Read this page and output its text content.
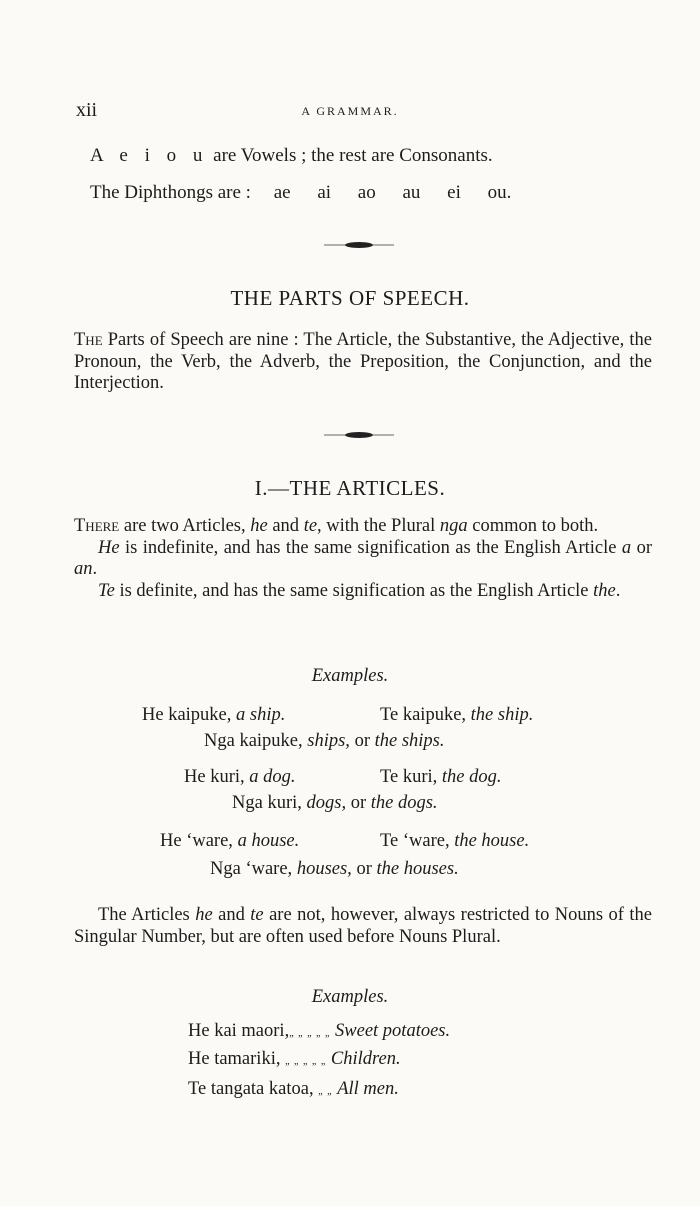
xii	A GRAMMAR.
A e i o u are Vowels ; the rest are Consonants.
The Diphthongs are : ae ai ao au ei ou.
THE PARTS OF SPEECH.
The Parts of Speech are nine : The Article, the Substantive, the Adjective, the Pronoun, the Verb, the Adverb, the Preposition, the Conjunction, and the Interjection.
I.—THE ARTICLES.

There are two Articles, he and te, with the Plural nga common to both.

He is indefinite, and has the same signification as the English Article a or an.

Te is definite, and has the same signification as the English Article the.

Examples.
He kaipuke, a ship.	Te kaipuke, the ship.
Nga kaipuke, ships, or the ships.
He kuri, a dog.	Te kuri, the dog.
Nga kuri, dogs, or the dogs.
He ‘ware, a house.	Te ‘ware, the house.
Nga ‘ware, houses, or the houses.
The Articles he and te are not, however, always restricted to Nouns of the Singular Number, but are often used before Nouns Plural.
Examples.
He kai maori,„ „ „ „ „ Sweet potatoes.
He tamariki, „ „ „ „ „ Children.
Te tangata katoa, „ „ All men.
